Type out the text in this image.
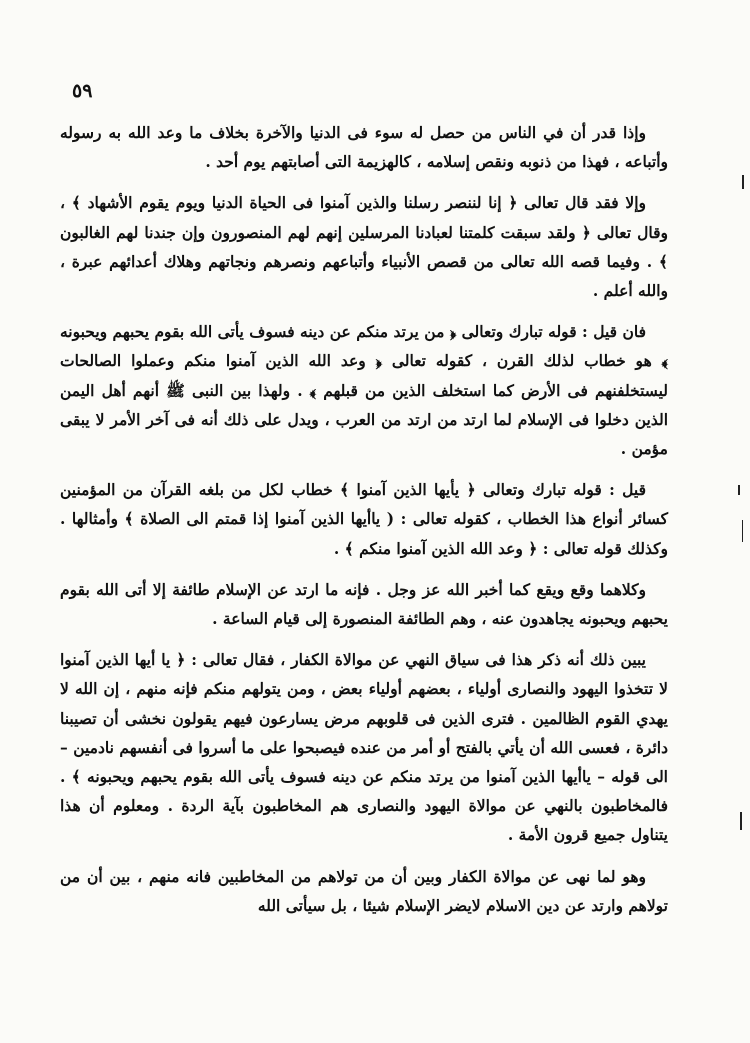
٥٩

وإذا قدر أن في الناس من حصل له سوء فى الدنيا والآخرة بخلاف ما وعد الله به رسوله وأتباعه ، فهذا من ذنوبه ونقص إسلامه ، كالهزيمة التى أصابتهم يوم أحد .

وإلا فقد قال تعالى ﴿ إنا لننصر رسلنا والذين آمنوا فى الحياة الدنيا ويوم يقوم الأشهاد ﴾ ، وقال تعالى ﴿ ولقد سبقت كلمتنا لعبادنا المرسلين إنهم لهم المنصورون وإن جندنا لهم الغالبون ﴾ . وفيما قصه الله تعالى من قصص الأنبياء وأتباعهم ونصرهم ونجاتهم وهلاك أعدائهم عبرة ، والله أعلم .

فان قيل : قوله تبارك وتعالى ﴿ من يرتد منكم عن دينه فسوف يأتى الله بقوم يحبهم ويحبونه ﴾ هو خطاب لذلك القرن ، كقوله تعالى ﴿ وعد الله الذين آمنوا منكم وعملوا الصالحات ليستخلفنهم فى الأرض كما استخلف الذين من قبلهم ﴾ . ولهذا بين النبى ﷺ أنهم أهل اليمن الذين دخلوا فى الإسلام لما ارتد من ارتد من العرب ، ويدل على ذلك أنه فى آخر الأمر لا يبقى مؤمن .

قيل : قوله تبارك وتعالى ﴿ يأيها الذين آمنوا ﴾ خطاب لكل من بلغه القرآن من المؤمنين كسائر أنواع هذا الخطاب ، كقوله تعالى : ( ياأيها الذين آمنوا إذا قمتم الى الصلاة ﴾ وأمثالها . وكذلك قوله تعالى : ﴿ وعد الله الذين آمنوا منكم ﴾ .

وكلاهما وقع ويقع كما أخبر الله عز وجل . فإنه ما ارتد عن الإسلام طائفة إلا أتى الله بقوم يحبهم ويحبونه يجاهدون عنه ، وهم الطائفة المنصورة إلى قيام الساعة .

يبين ذلك أنه ذكر هذا فى سياق النهي عن موالاة الكفار ، فقال تعالى : ﴿ يا أيها الذين آمنوا لا تتخذوا اليهود والنصارى أولياء ، بعضهم أولياء بعض ، ومن يتولهم منكم فإنه منهم ، إن الله لا يهدي القوم الظالمين . فترى الذين فى قلوبهم مرض يسارعون فيهم يقولون نخشى أن تصيبنا دائرة ، فعسى الله أن يأتي بالفتح أو أمر من عنده فيصبحوا على ما أسروا فى أنفسهم نادمين – الى قوله – ياأيها الذين آمنوا من يرتد منكم عن دينه فسوف يأتى الله بقوم يحبهم ويحبونه ﴾ . فالمخاطبون بالنهي عن موالاة اليهود والنصارى هم المخاطبون بآية الردة . ومعلوم أن هذا يتناول جميع قرون الأمة .

وهو لما نهى عن موالاة الكفار وبين أن من تولاهم من المخاطبين فانه منهم ، بين أن من تولاهم وارتد عن دين الاسلام لايضر الإسلام شيئا ، بل سيأتى الله
